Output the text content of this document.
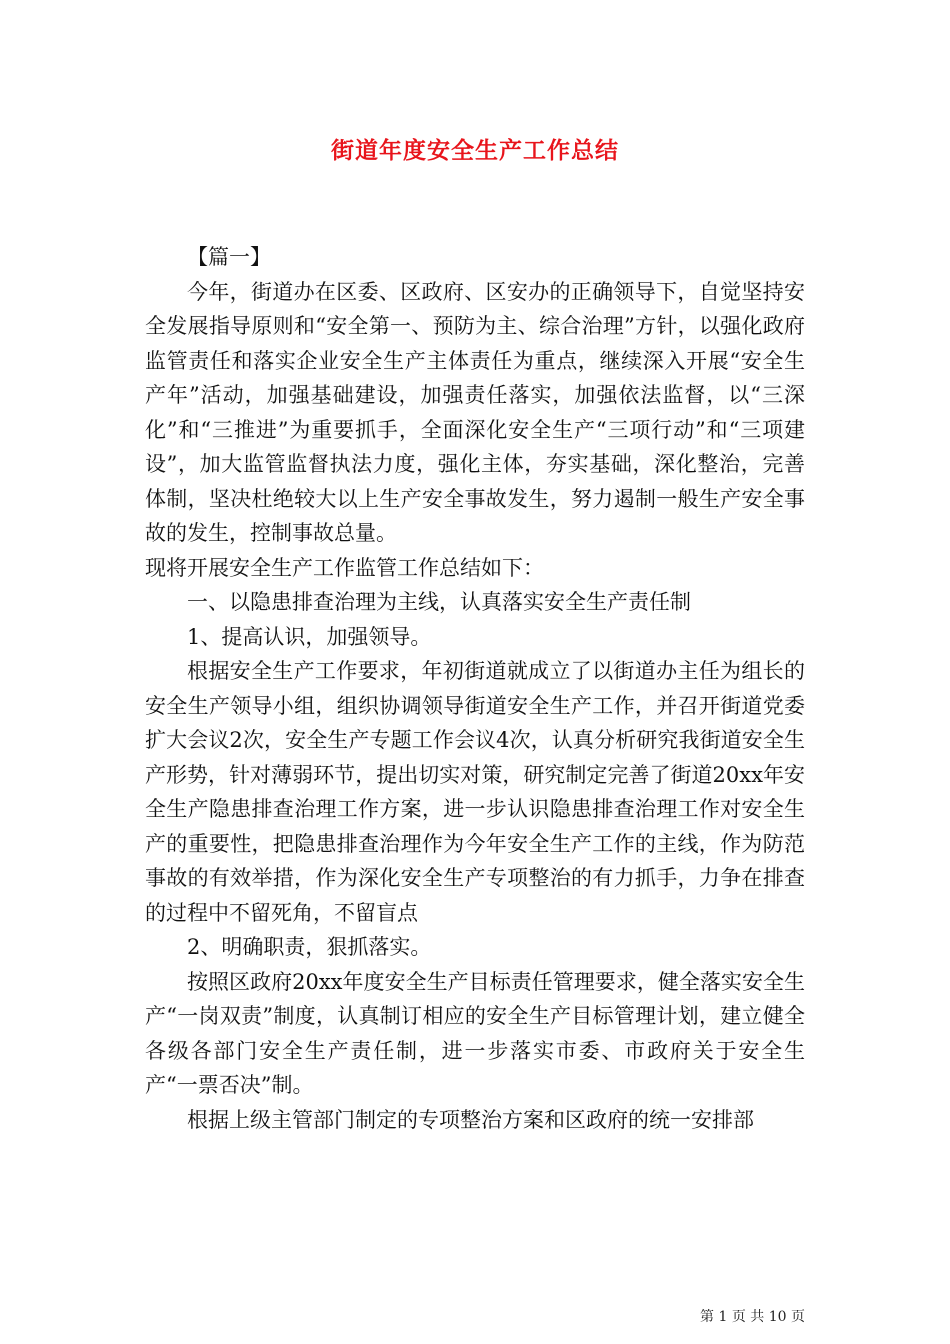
街道年度安全生产工作总结

【篇一】

今年，街道办在区委、区政府、区安办的正确领导下，自觉坚持安全发展指导原则和“安全第一、预防为主、综合治理”方针，以强化政府监管责任和落实企业安全生产主体责任为重点，继续深入开展“安全生产年”活动，加强基础建设，加强责任落实，加强依法监督，以“三深化”和“三推进”为重要抓手，全面深化安全生产“三项行动”和“三项建设”，加大监管监督执法力度，强化主体，夯实基础，深化整治，完善体制，坚决杜绝较大以上生产安全事故发生，努力遏制一般生产安全事故的发生，控制事故总量。

现将开展安全生产工作监管工作总结如下：

一、以隐患排查治理为主线，认真落实安全生产责任制

1、提高认识，加强领导。

根据安全生产工作要求，年初街道就成立了以街道办主任为组长的安全生产领导小组，组织协调领导街道安全生产工作，并召开街道党委扩大会议2次，安全生产专题工作会议4次，认真分析研究我街道安全生产形势，针对薄弱环节，提出切实对策，研究制定完善了街道20xx年安全生产隐患排查治理工作方案，进一步认识隐患排查治理工作对安全生产的重要性，把隐患排查治理作为今年安全生产工作的主线，作为防范事故的有效举措，作为深化安全生产专项整治的有力抓手，力争在排查的过程中不留死角，不留盲点

2、明确职责，狠抓落实。

按照区政府20xx年度安全生产目标责任管理要求，健全落实安全生产“一岗双责”制度，认真制订相应的安全生产目标管理计划，建立健全各级各部门安全生产责任制，进一步落实市委、市政府关于安全生产“一票否决”制。

根据上级主管部门制定的专项整治方案和区政府的统一安排部

第 1 页 共 10 页
